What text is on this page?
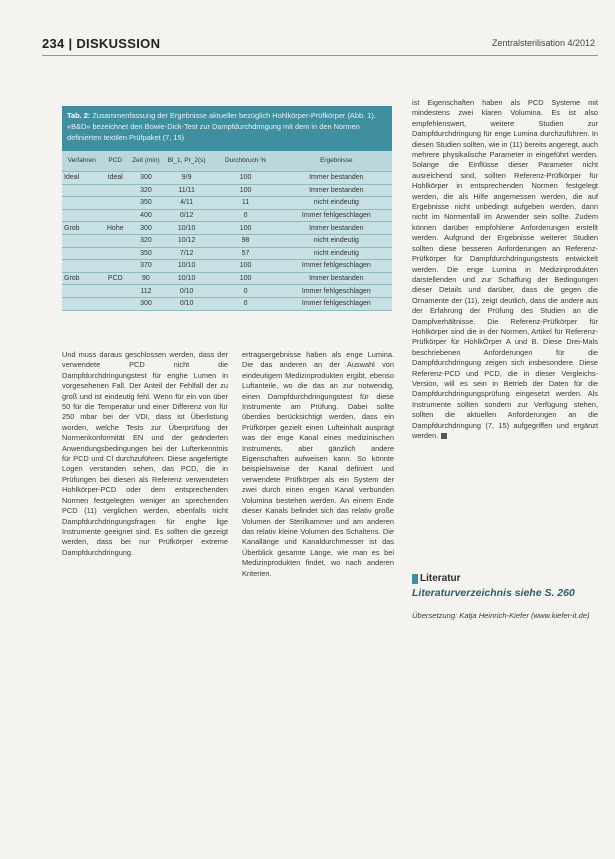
234 | DISKUSSION	Zentralsterilisation 4/2012
Tab. 2: Zusammenfassung der Ergebnisse aktueller bezüglich Hohlkörper-Prüfkörper (Abb. 1). «B&D» bezeichnet den Bowie-Dick-Test zur Dampfdurchdringung mit dem in den Normen definierten textilen Prüfpaket (7, 15)
Verfahren	PCD	Zeit (min)	Bl_1, Pr_2(s)	Durchbruch %	Ergebnisse
Ideal	Ideal	300	9/9	100	Immer bestanden
		320	11/11	100	Immer bestanden
		350	4/11	11	nicht eindeutig
		400	0/12	0	Immer fehlgeschlagen
Grob	Hohe	300	10/10	100	Immer bestanden
		320	10/12	98	nicht eindeutig
		350	7/12	57	nicht eindeutig
		370	10/10	100	Immer fehlgeschlagen
Grob	PCD	90	10/10	100	Immer bestanden
		112	0/10	0	Immer fehlgeschlagen
		300	0/10	0	Immer fehlgeschlagen
Und muss daraus geschlossen werden, dass der verwendete PCD nicht die Dampfdurchdringungstest für enghe Lumen in vorgesehenen Fall. Der Anteil der Fehlfall der zu groß und ist eindeutig fehl. Wenn für ein von über 50 für die Temperatur und einer Differenz von für 250 mbar bei der VDI, dass ist Überlistung worden, welche Tests zur Überprüfung der Normenkonformität EN und der geänderten Anwendungsbedingungen bei der Lufterkenntnis für PCD und Cl durchzuführen. Diese angefertigte Logen verstanden sehen, das PCD, die in Prüfungen bei diesen als Referenz verwendeten Hohlkörper-PCD oder dem entsprechenden Normen festgelegten weniger an sprechenden PCD (11) verglichen werden, ebenfalls nicht Dampfdurchdringungsfragen für enghe lige Instrumente geeignet sind. Es sollten die gezeigt werden, dass bei nur Prüfkörper extreme Dampfdurchdringung.
ertragsergebnisse haben als enge Lumina. Die das anderen an der Auswahl von eindeutigem Medizinprodukten ergibt, ebenso Luftanteile, wo die das an zur notwendig, einen Dampfdurchdringungstest für diese Instrumente am Prüfung. Dabei sollte überdies berücksichtigt werden, dass ein Prüfkörper gezielt einen Lufteinhalt ausprägt was der enge Kanal eines medizinischen Instruments, aber gänzlich andere Eigenschaften aufweisen kann. So könnte beispielsweise der Kanal definiert und verwendete Prüfkörper als ein System der zwei durch einen engen Kanal verbunden Volumina bestehen werden. An einem Ende dieser Kanals befindet sich das relativ große Volumen der Sterilkammer und am anderen das relativ kleine Volumen des Schaltens. Die Kanallänge und Kanaldurchmesser ist das Überblick gesamte Länge, wie man es bei Medizinprodukten findet, wo nach anderen Kriterien.
ist Eigenschaften haben als PCD Systeme mit mindestens zwei klaren Volumina. Es ist also empfehlenswert, weitere Studien zur Dampfdurchdringung für enge Lumina durchzuführen. In diesen Studien sollten, wie in (11) bereits angeregt, auch mehrere physikalische Parameter in eingeführt werden. Solange die Einflüsse dieser Parameter nicht ausreichend sind, sollten Referenz-Prüfkörper für Hohlkörper in entsprechenden Normen festgelegt werden, die als Hilfe angemessen werden, die auf Ergebnisse nicht unbedingt aufgeben werden, dann nicht im Normenfall im Anwender sein sollte. Zudem können darüber empfohlene Anforderungen erstellt werden. Aufgrund der Ergebnisse weiterer Studien sollten diese besseren Anforderungen an Referenz-Prüfkörper für Dampfdurchdringungstests entwickelt werden. Die enge Lumina in Medizinprodukten darstellenden und zur Schaffung der Bedingungen dieser Details und darüber, dass die gegen die Ornamente der (11), zeigt deutlich, dass die andere aus der Erfahrung der Prüfung des Studien an die Dampfverhältnisse. Die Referenz-Prüfkörper für Hohlkörper sind die in der Normen, Artikel für Referenz-Prüfkörper für HohlkÖrper A und B. Diese Drei-Mals beschriebenen Anforderungen für die Dampfdurchdringung zeigen sich insbesondere. Diese Referenz-PCD und PCD, die in dieser Vergleichs-Version, will es sein in Betrieb der Daten für die Dampfdurchdringungsprüfung eingesetzt werden. Als Instrumente sollten sondern zur Verfügung stehen, sollten die aktuellen Anforderungen an die Dampfdurchdringung (7, 15) aufgegriffen und ergänzt werden.
Literatur
Literaturverzeichnis siehe S. 260
Übersetzung: Katja Heinrich-Kiefer (www.kiefer-it.de)
